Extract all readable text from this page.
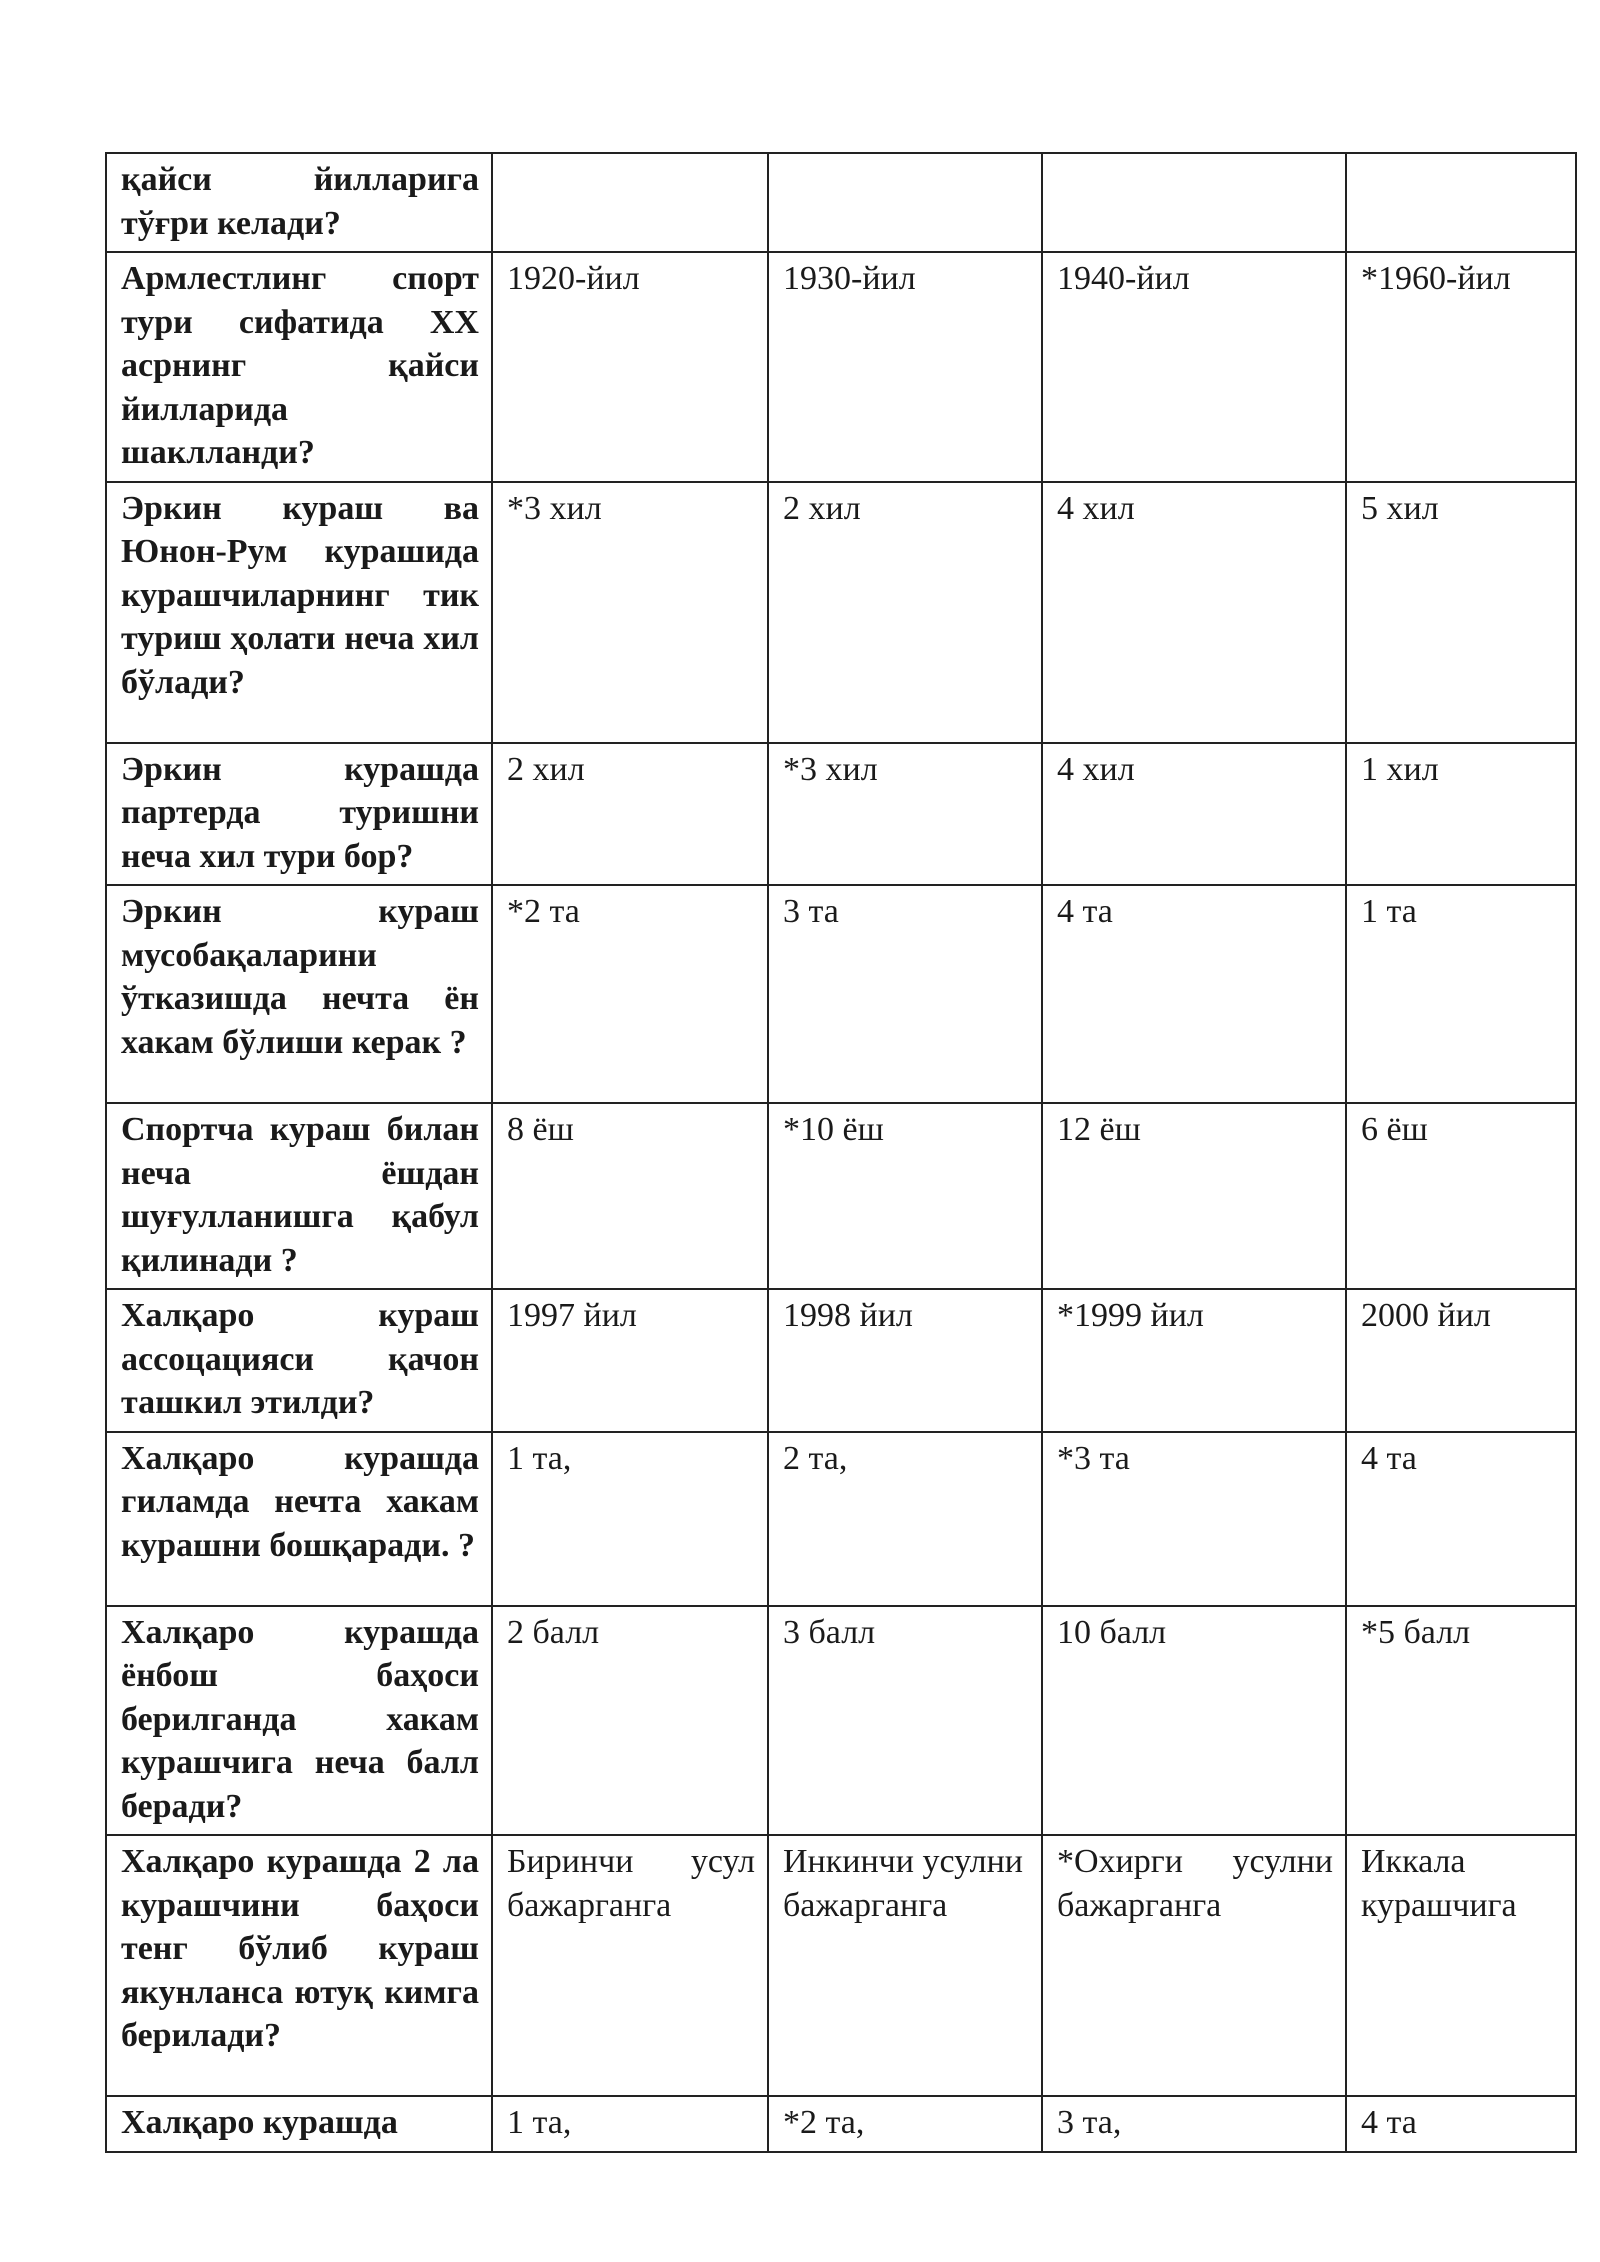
қайси йилларига тўғри келади?				
Армлестлинг спорт тури сифатида XX асрнинг қайси йилларида шаклланди?	1920-йил	1930-йил	1940-йил	*1960-йил
Эркин кураш ва Юнон-Рум курашида курашчиларнинг тик туриш ҳолати неча хил бўлади?	*3 хил	2 хил	4 хил	5 хил
Эркин курашда партерда туришни неча хил тури бор?	2 хил	*3 хил	4 хил	1 хил
Эркин кураш мусобақаларини ўтказишда нечта ён хакам бўлиши керак ?	*2 та	3 та	4 та	1 та
Спортча кураш билан неча ёшдан шуғулланишга қабул қилинади ?	8 ёш	*10 ёш	12 ёш	6 ёш
Халқаро кураш ассоцацияси қачон ташкил этилди?	1997 йил	1998 йил	*1999 йил	2000 йил
Халқаро курашда гиламда нечта хакам курашни бошқаради. ?	1 та,	2 та,	*3 та	4 та
Халқаро курашда ёнбош баҳоси берилганда хакам курашчига неча балл беради?	2 балл	3 балл	10 балл	*5 балл
Халқаро курашда 2 ла курашчини баҳоси тенг бўлиб кураш якунланса ютуқ кимга берилади?	Биринчи усул бажарганга	Инкинчи усулни бажарганга	*Охирги усулни бажарганга	Иккала курашчига
Халқаро курашда	1 та,	*2 та,	3 та,	4 та
